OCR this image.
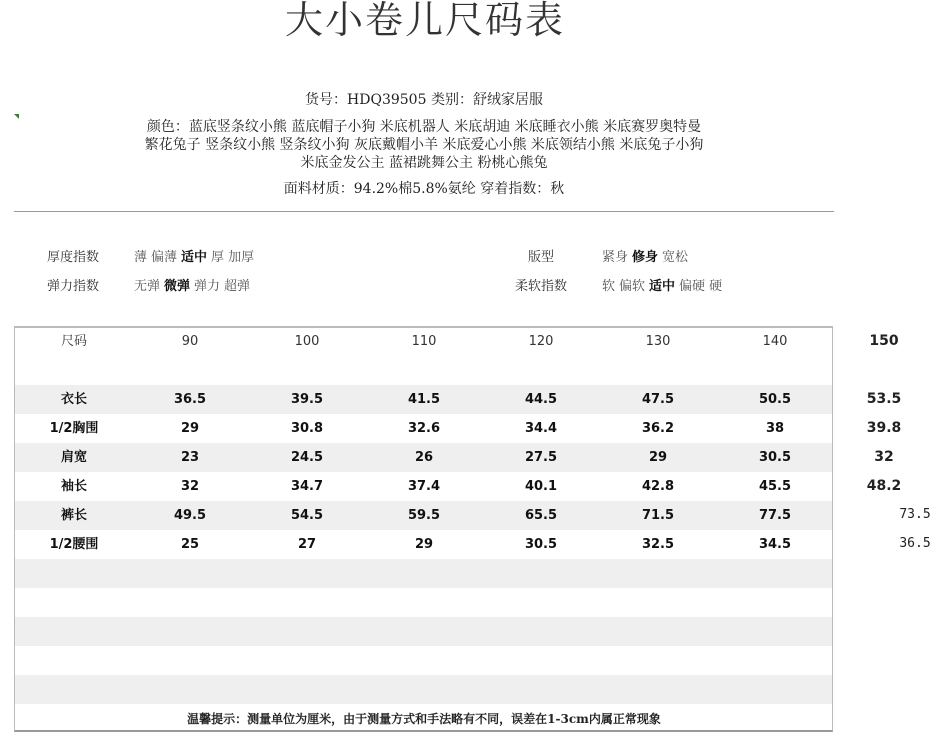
大小卷儿尺码表
货号：HDQ39505 类别：舒绒家居服
颜色：蓝底竖条纹小熊 蓝底帽子小狗 米底机器人 米底胡迪 米底睡衣小熊 米底赛罗奥特曼
繁花兔子 竖条纹小熊 竖条纹小狗 灰底戴帽小羊 米底爱心小熊 米底领结小熊 米底兔子小狗
米底金发公主 蓝裙跳舞公主 粉桃心熊兔
面料材质：94.2%棉5.8%氨纶 穿着指数：秋
厚度指数	薄 偏薄 适中 厚 加厚
弹力指数	无弹 微弹 弹力 超弹
版型	紧身 修身 宽松
柔软指数	软 偏软 适中 偏硬 硬
尺码	90	100	110	120	130	140	150
衣长	36.5	39.5	41.5	44.5	47.5	50.5	53.5
1/2胸围	29	30.8	32.6	34.4	36.2	38	39.8
肩宽	23	24.5	26	27.5	29	30.5	32
袖长	32	34.7	37.4	40.1	42.8	45.5	48.2
裤长	49.5	54.5	59.5	65.5	71.5	77.5	73.5
1/2腰围	25	27	29	30.5	32.5	34.5	36.5
温馨提示：测量单位为厘米，由于测量方式和手法略有不同，误差在1-3cm内属正常现象
